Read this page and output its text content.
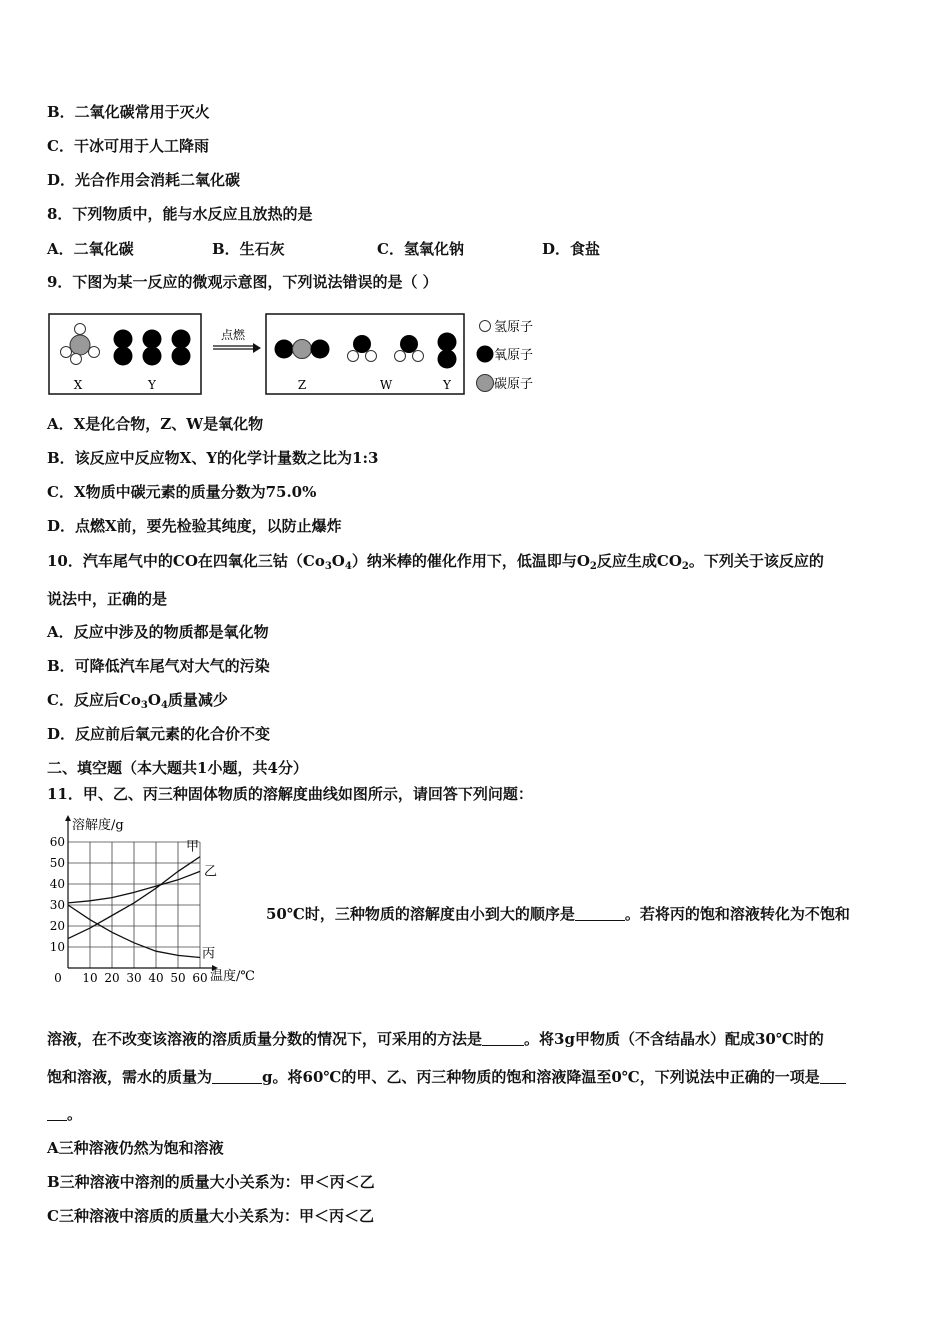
B．二氧化碳常用于灭火
C．干冰可用于人工降雨
D．光合作用会消耗二氧化碳
8．下列物质中，能与水反应且放热的是
A．二氧化碳	B．生石灰	C．氢氧化钠	D．食盐
9．下图为某一反应的微观示意图，下列说法错误的是（ ）
X	Y
点燃
Z	W	Y
氢原子
氧原子
碳原子
A．X是化合物，Z、W是氧化物
B．该反应中反应物X、Y的化学计量数之比为1:3
C．X物质中碳元素的质量分数为75.0%
D．点燃X前，要先检验其纯度，以防止爆炸
10．汽车尾气中的CO在四氧化三钴$(Co_3O_4)$纳米棒的催化作用下，低温即与$O_2$反应生成$CO_2$。下列关于该反应的
说法中，正确的是
A．反应中涉及的物质都是氧化物
B．可降低汽车尾气对大气的污染
C．反应后$Co_3O_4$质量减少
D．反应前后氧元素的化合价不变
二、填空题（本大题共1小题，共4分）
11．甲、乙、丙三种固体物质的溶解度曲线如图所示，请回答下列问题：
0 10 20 30 40 50 60
10
20
30
40
50
60
溶解度/g
温度/℃
甲
乙
丙
50℃时，三种物质的溶解度由小到大的顺序是	。若将丙的饱和溶液转化为不饱和
溶液，在不改变该溶液的溶质质量分数的情况下，可采用的方法是	。将3g甲物质（不含结晶水）配成30℃时的
饱和溶液，需水的质量为	g。将60℃的甲、乙、丙三种物质的饱和溶液降温至0℃，下列说法中正确的一项是
。
A三种溶液仍然为饱和溶液
B三种溶液中溶剂的质量大小关系为：甲＜丙＜乙
C三种溶液中溶质的质量大小关系为：甲＜丙＜乙
